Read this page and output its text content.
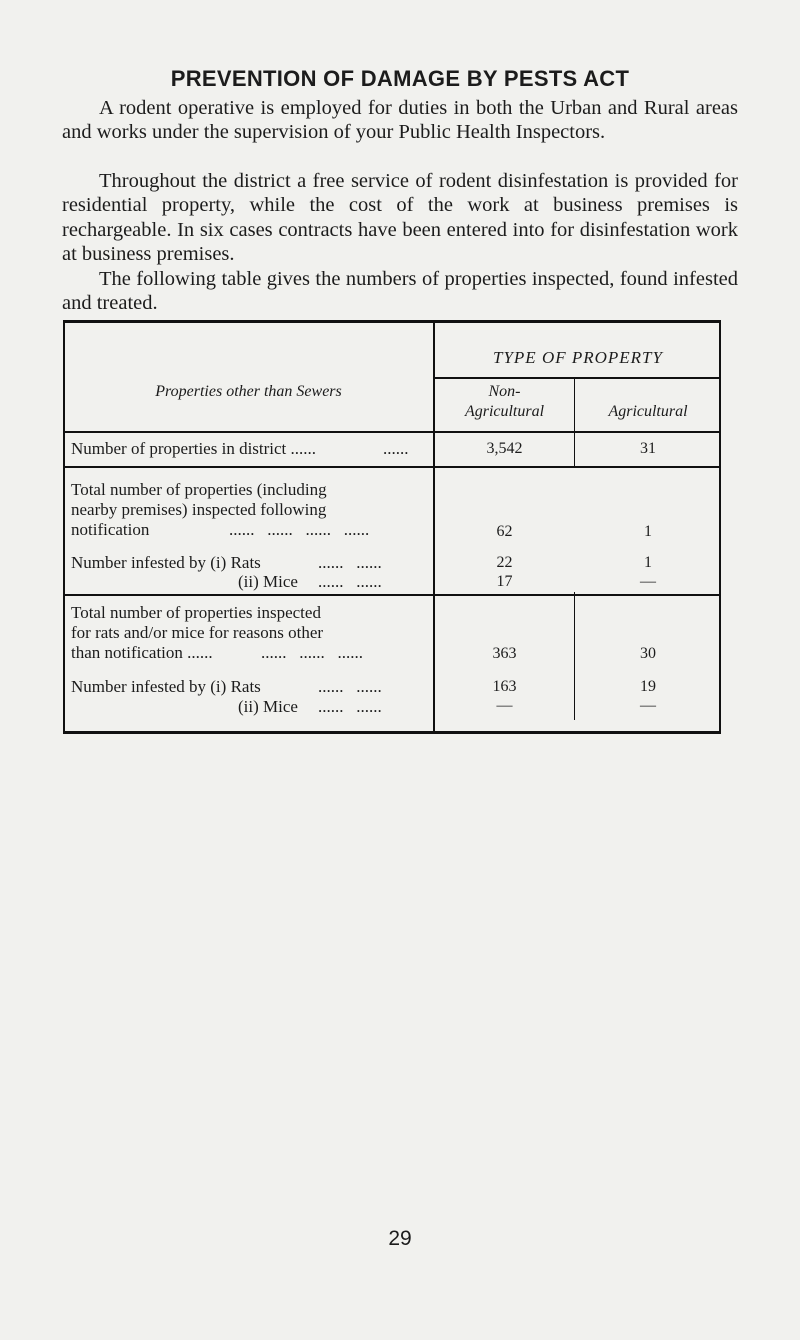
PREVENTION OF DAMAGE BY PESTS ACT

A rodent operative is employed for duties in both the Urban and Rural areas and works under the supervision of your Public Health Inspectors.

Throughout the district a free service of rodent disinfestation is provided for residential property, while the cost of the work at business premises is rechargeable. In six cases contracts have been entered into for disinfestation work at business premises.

The following table gives the numbers of properties inspected, found infested and treated.

Properties other than Sewers
TYPE OF PROPERTY
Non-
Agricultural	Agricultural
Number of properties in district ......	......	3,542	31
Total number of properties (including
nearby premises) inspected following
notification	......   ......   ......   ......	62	1
Number infested by (i) Rats	......   ......	22	1
(ii) Mice ......   ......	17	—
Total number of properties inspected
for rats and/or mice for reasons other
than notification ......	......   ......   ......	363	30
Number infested by (i) Rats	......   ......	163	19
(ii) Mice ......   ......	—	—
29
